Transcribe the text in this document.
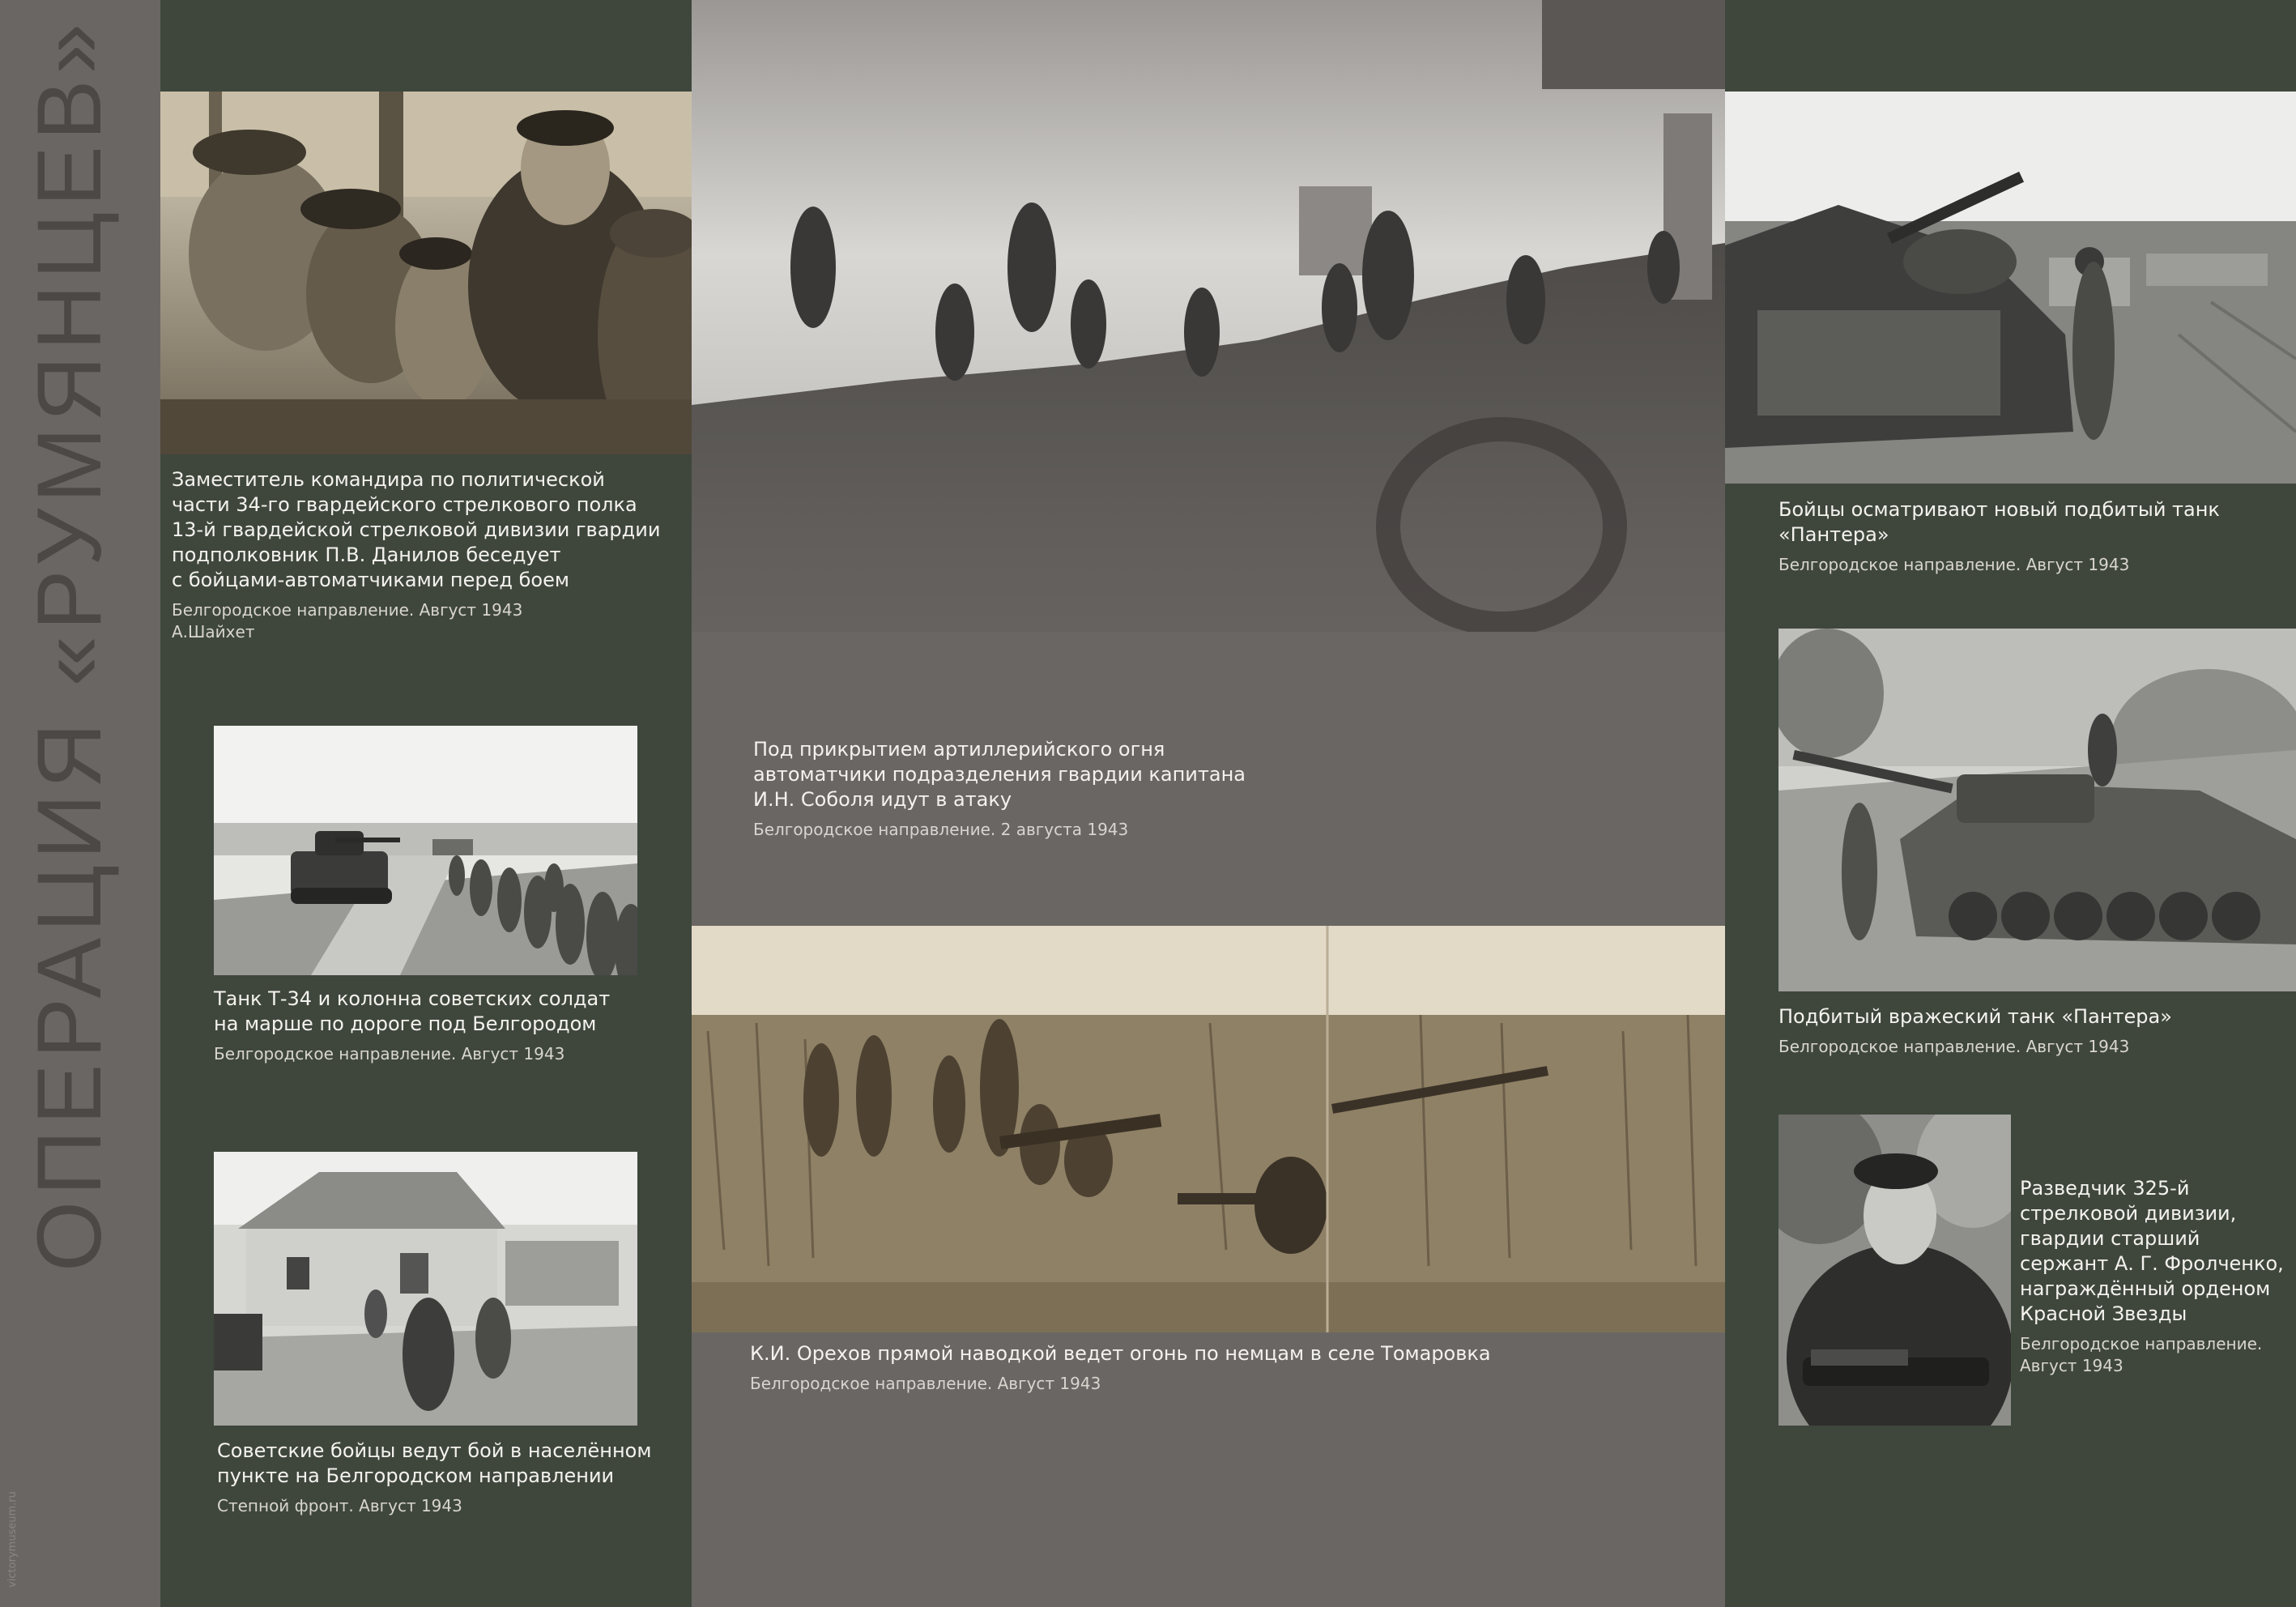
ОПЕРАЦИЯ «РУМЯНЦЕВ»
victorymuseum.ru
Заместитель командира по политической
части 34-го гвардейского стрелкового полка
13-й гвардейской стрелковой дивизии гвардии
подполковник П.В. Данилов беседует
с бойцами-автоматчиками перед боем
Белгородское направление. Август 1943
А.Шайхет
Танк Т-34 и колонна советских солдат
на марше по дороге под Белгородом
Белгородское направление. Август 1943
Советские бойцы ведут бой в населённом
пункте на Белгородском направлении
Степной фронт. Август 1943
Под прикрытием артиллерийского огня
автоматчики подразделения гвардии капитана
И.Н. Соболя идут в атаку
Белгородское направление. 2 августа 1943
К.И. Орехов прямой наводкой ведет огонь по немцам в селе Томаровка
Белгородское направление. Август 1943
Бойцы осматривают новый подбитый танк
«Пантера»
Белгородское направление. Август 1943
Подбитый вражеский танк «Пантера»
Белгородское направление. Август 1943
Разведчик 325-й
стрелковой дивизии,
гвардии старший
сержант А. Г. Фролченко,
награждённый орденом
Красной Звезды
Белгородское направление.
Август 1943
